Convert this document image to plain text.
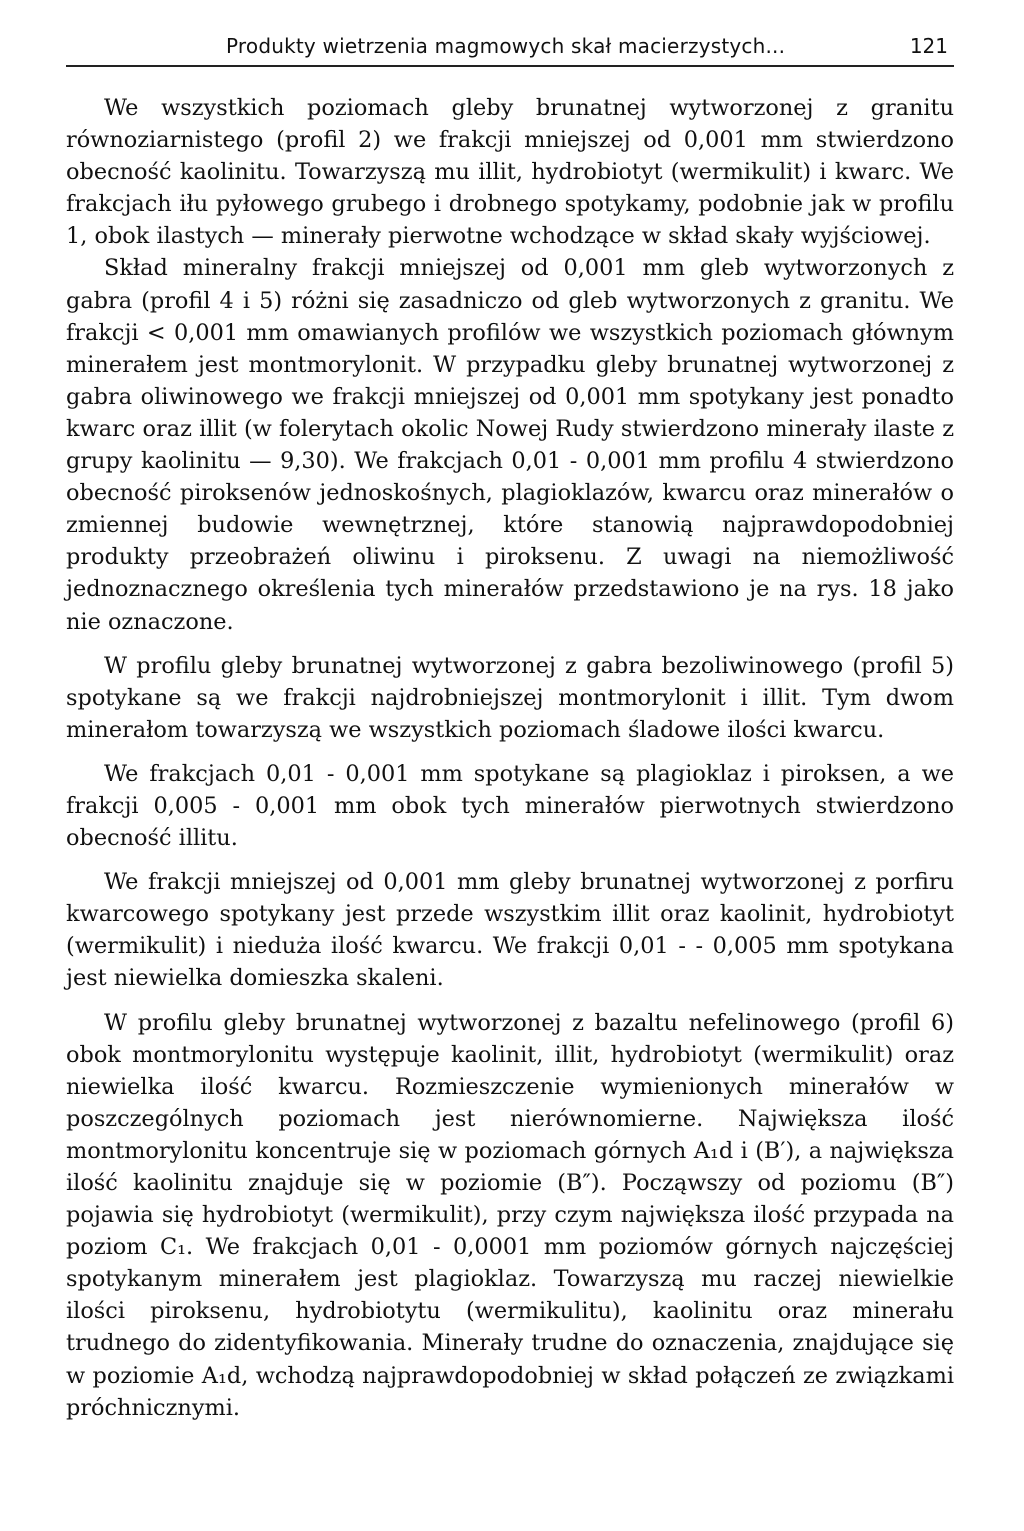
Produkty wietrzenia magmowych skał macierzystych...	121

We wszystkich poziomach gleby brunatnej wytworzonej z granitu równoziarnistego (profil 2) we frakcji mniejszej od 0,001 mm stwierdzono obecność kaolinitu. Towarzyszą mu illit, hydrobiotyt (wermikulit) i kwarc. We frakcjach iłu pyłowego grubego i drobnego spotykamy, podobnie jak w profilu 1, obok ilastych — minerały pierwotne wchodzące w skład skały wyjściowej.

Skład mineralny frakcji mniejszej od 0,001 mm gleb wytworzonych z gabra (profil 4 i 5) różni się zasadniczo od gleb wytworzonych z granitu. We frakcji < 0,001 mm omawianych profilów we wszystkich poziomach głównym minerałem jest montmorylonit. W przypadku gleby brunatnej wytworzonej z gabra oliwinowego we frakcji mniejszej od 0,001 mm spotykany jest ponadto kwarc oraz illit (w folerytach okolic Nowej Rudy stwierdzono minerały ilaste z grupy kaolinitu — 9,30). We frakcjach 0,01 - 0,001 mm profilu 4 stwierdzono obecność piroksenów jednoskośnych, plagioklazów, kwarcu oraz minerałów o zmiennej budowie wewnętrznej, które stanowią najprawdopodobniej produkty przeobrażeń oliwinu i piroksenu. Z uwagi na niemożliwość jednoznacznego określenia tych minerałów przedstawiono je na rys. 18 jako nie oznaczone.

W profilu gleby brunatnej wytworzonej z gabra bezoliwinowego (profil 5) spotykane są we frakcji najdrobniejszej montmorylonit i illit. Tym dwom minerałom towarzyszą we wszystkich poziomach śladowe ilości kwarcu.

We frakcjach 0,01 - 0,001 mm spotykane są plagioklaz i piroksen, a we frakcji 0,005 - 0,001 mm obok tych minerałów pierwotnych stwierdzono obecność illitu.

We frakcji mniejszej od 0,001 mm gleby brunatnej wytworzonej z porfiru kwarcowego spotykany jest przede wszystkim illit oraz kaolinit, hydrobiotyt (wermikulit) i nieduża ilość kwarcu. We frakcji 0,01 - - 0,005 mm spotykana jest niewielka domieszka skaleni.

W profilu gleby brunatnej wytworzonej z bazaltu nefelinowego (profil 6) obok montmorylonitu występuje kaolinit, illit, hydrobiotyt (wermikulit) oraz niewielka ilość kwarcu. Rozmieszczenie wymienionych minerałów w poszczególnych poziomach jest nierównomierne. Największa ilość montmorylonitu koncentruje się w poziomach górnych A₁d i (B′), a największa ilość kaolinitu znajduje się w poziomie (B″). Począwszy od poziomu (B″) pojawia się hydrobiotyt (wermikulit), przy czym największa ilość przypada na poziom C₁. We frakcjach 0,01 - 0,0001 mm poziomów górnych najczęściej spotykanym minerałem jest plagioklaz. Towarzyszą mu raczej niewielkie ilości piroksenu, hydrobiotytu (wermikulitu), kaolinitu oraz minerału trudnego do zidentyfikowania. Minerały trudne do oznaczenia, znajdujące się w poziomie A₁d, wchodzą najprawdopodobniej w skład połączeń ze związkami próchnicznymi.
